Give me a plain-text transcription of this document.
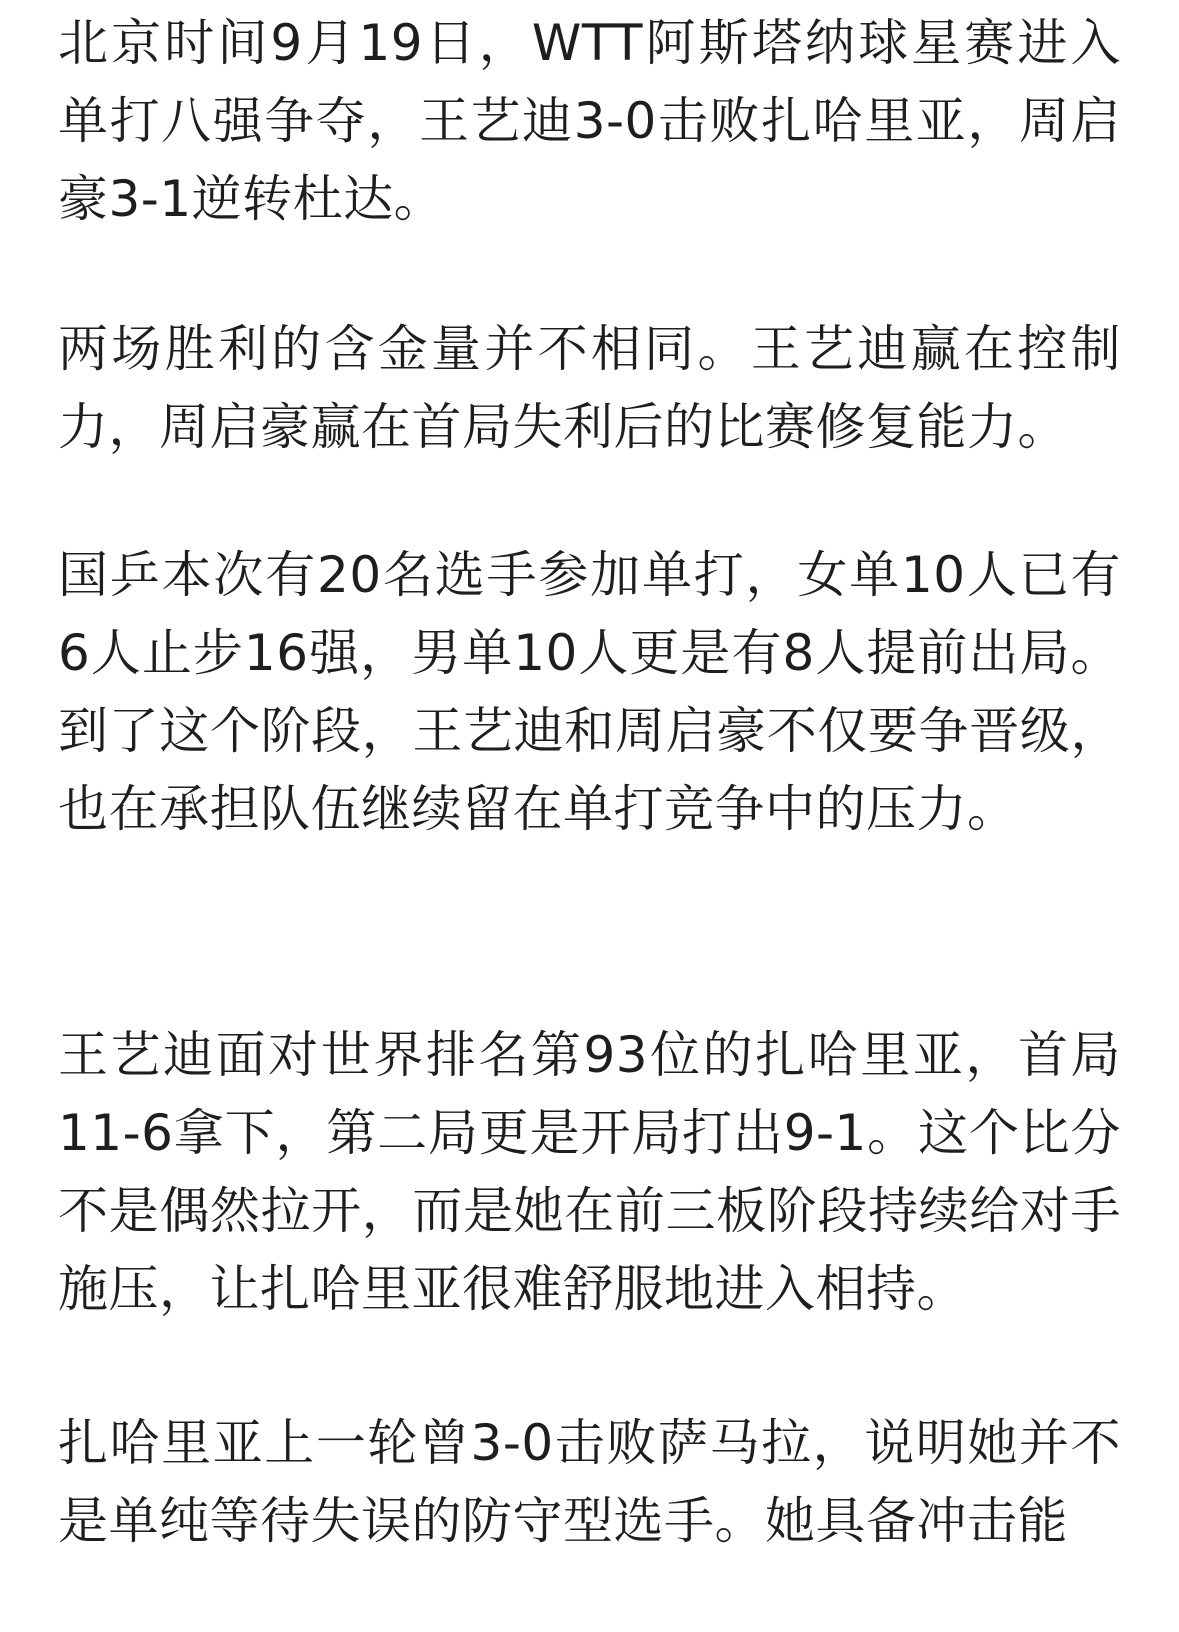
北京时间9月19日，WTT阿斯塔纳球星赛进入单打八强争夺，王艺迪3-0击败扎哈里亚，周启豪3-1逆转杜达。

两场胜利的含金量并不相同。王艺迪赢在控制力，周启豪赢在首局失利后的比赛修复能力。

国乒本次有20名选手参加单打，女单10人已有6人止步16强，男单10人更是有8人提前出局。到了这个阶段，王艺迪和周启豪不仅要争晋级，也在承担队伍继续留在单打竞争中的压力。

王艺迪面对世界排名第93位的扎哈里亚，首局11-6拿下，第二局更是开局打出9-1。这个比分不是偶然拉开，而是她在前三板阶段持续给对手施压，让扎哈里亚很难舒服地进入相持。

扎哈里亚上一轮曾3-0击败萨马拉，说明她并不是单纯等待失误的防守型选手。她具备冲击能
